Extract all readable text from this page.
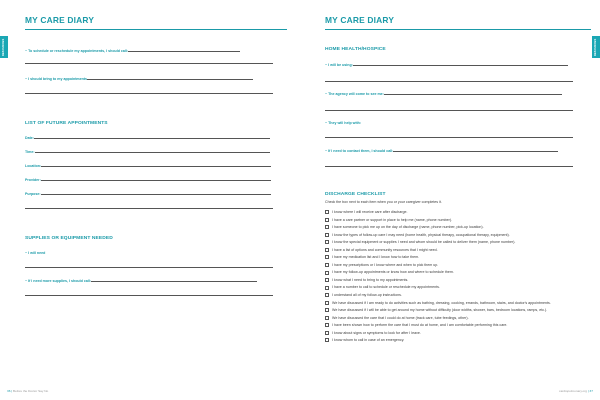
RESOURCES
MY CARE DIARY
~ To schedule or reschedule my appointments, I should call:
~ I should bring to my appointments
LIST OF FUTURE APPOINTMENTS
Date:
Time:
Location:
Provider:
Purpose:
SUPPLIES OR EQUIPMENT NEEDED
~ I will need
~ If I need more supplies, I should call:
36 | Before the Doctor Say No
RESOURCES
MY CARE DIARY
HOME HEALTH/HOSPICE
~ I will be using:
~ The agency will come to see me:
~ They will help with:
~ If I need to contact them, I should call:
DISCHARGE CHECKLIST

Check the box next to each item when you or your caregiver completes it.

I know where I will receive care after discharge.
I have a care partner or support in place to help me (name, phone number).
I have someone to pick me up on the day of discharge (name, phone number, pick-up location).
I know the types of follow-up care I may need (home health, physical therapy, occupational therapy, equipment).
I know the special equipment or supplies I need and whom should be called to deliver them (name, phone number).
I have a list of options and community resources that I might need.
I have my medication list and I know how to take them.
I have my prescriptions or I know where and when to pick them up.
I have my follow-up appointments or know how and where to schedule them.
I know what I need to bring to my appointments.
I have a number to call to schedule or reschedule my appointments.
I understand all of my follow-up instructions.
We have discussed if I am ready to do activities such as bathing, dressing, cooking, errands, bathroom, stairs, and doctor's appointments.
We have discussed if I will be able to get around my home without difficulty (door widths, shower, bars, bedroom locations, ramps, etc.).
We have discussed the care that I could do at home (track care, tube feedings, other).
I have been shown how to perform the care that I must do at home, and I am comfortable performing this care.
I know about signs or symptoms to look for after I leave.
I know whom to call in case of an emergency.
cardiopulmonary.org | 37
